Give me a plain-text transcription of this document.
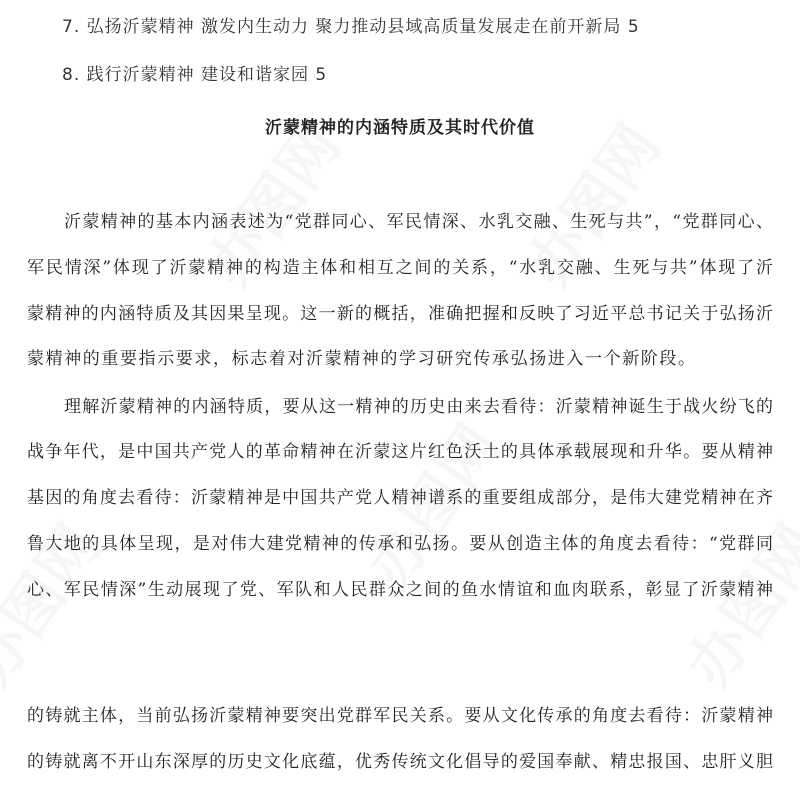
7. 弘扬沂蒙精神 激发内生动力 聚力推动县域高质量发展走在前开新局 5
8. 践行沂蒙精神 建设和谐家园 5
沂蒙精神的内涵特质及其时代价值
沂蒙精神的基本内涵表述为“党群同心、军民情深、水乳交融、生死与共”，“党群同心、
军民情深”体现了沂蒙精神的构造主体和相互之间的关系，“水乳交融、生死与共”体现了沂
蒙精神的内涵特质及其因果呈现。这一新的概括，准确把握和反映了习近平总书记关于弘扬沂
蒙精神的重要指示要求，标志着对沂蒙精神的学习研究传承弘扬进入一个新阶段。
理解沂蒙精神的内涵特质，要从这一精神的历史由来去看待：沂蒙精神诞生于战火纷飞的
战争年代，是中国共产党人的革命精神在沂蒙这片红色沃土的具体承载展现和升华。要从精神
基因的角度去看待：沂蒙精神是中国共产党人精神谱系的重要组成部分，是伟大建党精神在齐
鲁大地的具体呈现，是对伟大建党精神的传承和弘扬。要从创造主体的角度去看待：“党群同
心、军民情深”生动展现了党、军队和人民群众之间的鱼水情谊和血肉联系，彰显了沂蒙精神
的铸就主体，当前弘扬沂蒙精神要突出党群军民关系。要从文化传承的角度去看待：沂蒙精神
的铸就离不开山东深厚的历史文化底蕴，优秀传统文化倡导的爱国奉献、精忠报国、忠肝义胆
